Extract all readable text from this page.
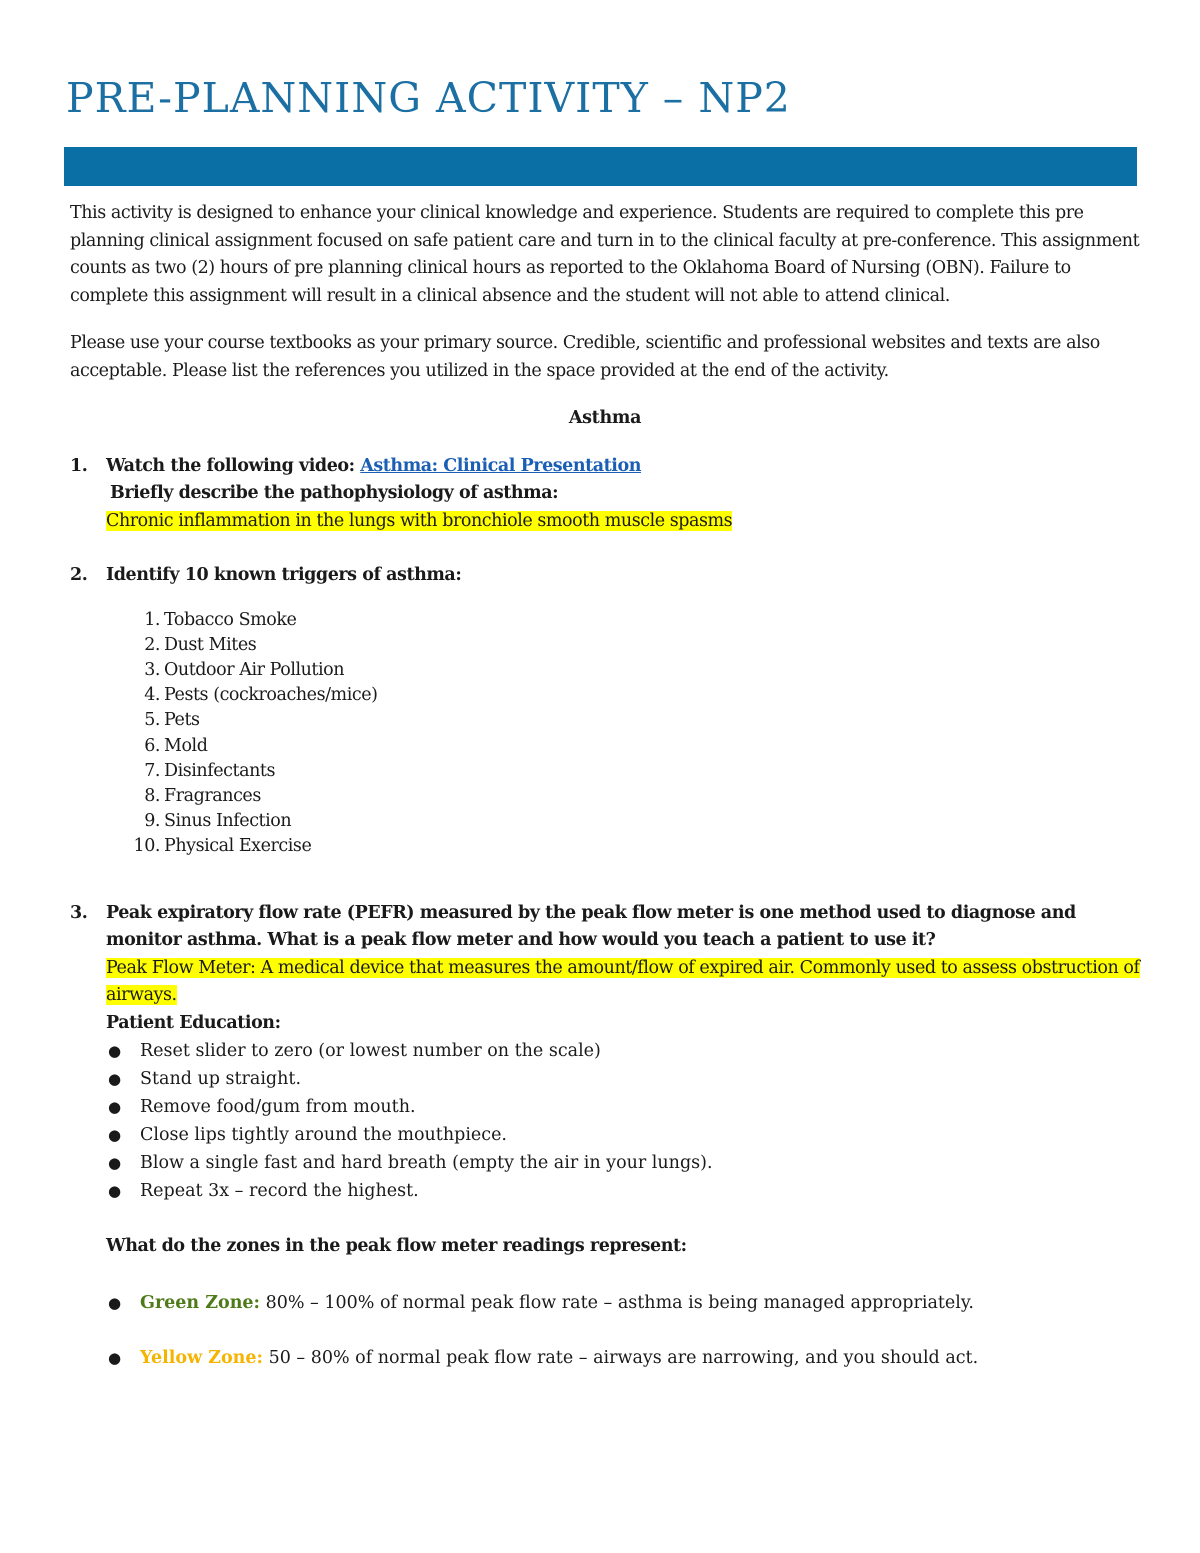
PRE-PLANNING ACTIVITY – NP2

This activity is designed to enhance your clinical knowledge and experience. Students are required to complete this pre planning clinical assignment focused on safe patient care and turn in to the clinical faculty at pre-conference. This assignment counts as two (2) hours of pre planning clinical hours as reported to the Oklahoma Board of Nursing (OBN). Failure to complete this assignment will result in a clinical absence and the student will not able to attend clinical.

Please use your course textbooks as your primary source. Credible, scientific and professional websites and texts are also acceptable. Please list the references you utilized in the space provided at the end of the activity.

Asthma
1. Watch the following video: Asthma: Clinical Presentation
Briefly describe the pathophysiology of asthma:
Chronic inflammation in the lungs with bronchiole smooth muscle spasms
2. Identify 10 known triggers of asthma:
1. Tobacco Smoke
2. Dust Mites
3. Outdoor Air Pollution
4. Pests (cockroaches/mice)
5. Pets
6. Mold
7. Disinfectants
8. Fragrances
9. Sinus Infection
10. Physical Exercise
3. Peak expiratory flow rate (PEFR) measured by the peak flow meter is one method used to diagnose and monitor asthma. What is a peak flow meter and how would you teach a patient to use it?
Peak Flow Meter: A medical device that measures the amount/flow of expired air. Commonly used to assess obstruction of airways.
Patient Education:
● Reset slider to zero (or lowest number on the scale)
● Stand up straight.
● Remove food/gum from mouth.
● Close lips tightly around the mouthpiece.
● Blow a single fast and hard breath (empty the air in your lungs).
● Repeat 3x – record the highest.
What do the zones in the peak flow meter readings represent:
● Green Zone: 80% – 100% of normal peak flow rate – asthma is being managed appropriately.
● Yellow Zone: 50 – 80% of normal peak flow rate – airways are narrowing, and you should act.
